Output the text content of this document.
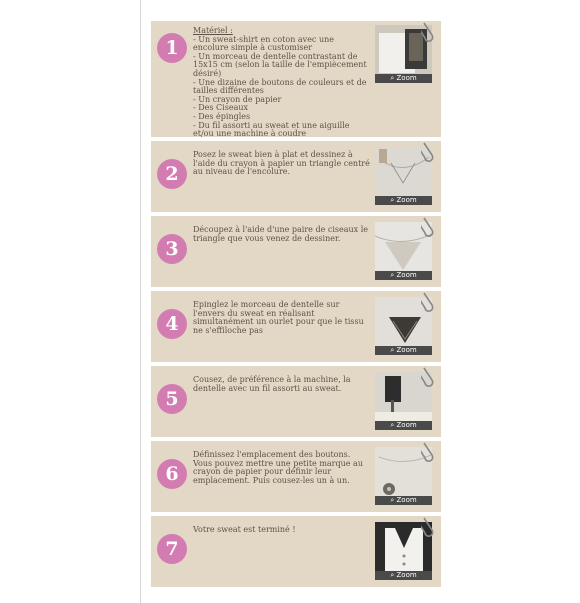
1
Matériel :
- Un sweat-shirt en coton avec une encolure simple à customiser
- Un morceau de dentelle contrastant de 15x15 cm (selon la taille de l'empiècement désiré)
- Une dizaine de boutons de couleurs et de tailles différentes
- Un crayon de papier
- Des Ciseaux
- Des épingles
- Du fil assorti au sweat et une aiguille et/ou une machine à coudre
⌕ Zoom
2
Posez le sweat bien à plat et dessinez à l'aide du crayon à papier un triangle centré au niveau de l'encolure.
⌕ Zoom
3
Découpez à l'aide d'une paire de ciseaux le triangle que vous venez de dessiner.
⌕ Zoom
4
Epinglez le morceau de dentelle sur l'envers du sweat en réalisant simultanément un ourlet pour que le tissu ne s'effiloche pas
⌕ Zoom
5
Cousez, de préférence à la machine, la dentelle avec un fil assorti au sweat.
⌕ Zoom
6
Définissez l'emplacement des boutons. Vous pouvez mettre une petite marque au crayon de papier pour définir leur emplacement. Puis cousez-les un à un.
⌕ Zoom
7
Votre sweat est terminé !
⌕ Zoom
